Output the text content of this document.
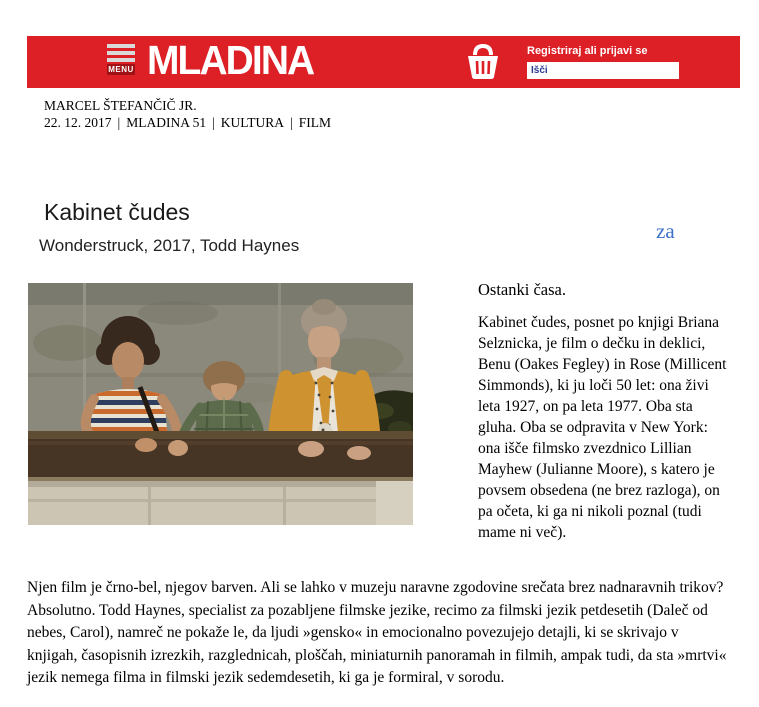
MENU MLADINA	Registriraj ali prijavi se
Išči
MARCEL ŠTEFANČIČ JR.
22. 12. 2017 | MLADINA 51 | KULTURA | FILM
Kabinet čudes
za
Wonderstruck, 2017, Todd Haynes

Ostanki časa.

Kabinet čudes, posnet po knjigi Briana Selznicka, je film o dečku in deklici, Benu (Oakes Fegley) in Rose (Millicent Simmonds), ki ju loči 50 let: ona živi leta 1927, on pa leta 1977. Oba sta gluha. Oba se odpravita v New York: ona išče filmsko zvezdnico Lillian Mayhew (Julianne Moore), s katero je povsem obsedena (ne brez razloga), on pa očeta, ki ga ni nikoli poznal (tudi mame ni več).

Njen film je črno-bel, njegov barven. Ali se lahko v muzeju naravne zgodovine srečata brez nadnaravnih trikov? Absolutno. Todd Haynes, specialist za pozabljene filmske jezike, recimo za filmski jezik petdesetih (Daleč od nebes, Carol), namreč ne pokaže le, da ljudi »gensko« in emocionalno povezujejo detajli, ki se skrivajo v knjigah, časopisnih izrezkih, razglednicah, ploščah, miniaturnih panoramah in filmih, ampak tudi, da sta »mrtvi« jezik nemega filma in filmski jezik sedemdesetih, ki ga je formiral, v sorodu.
